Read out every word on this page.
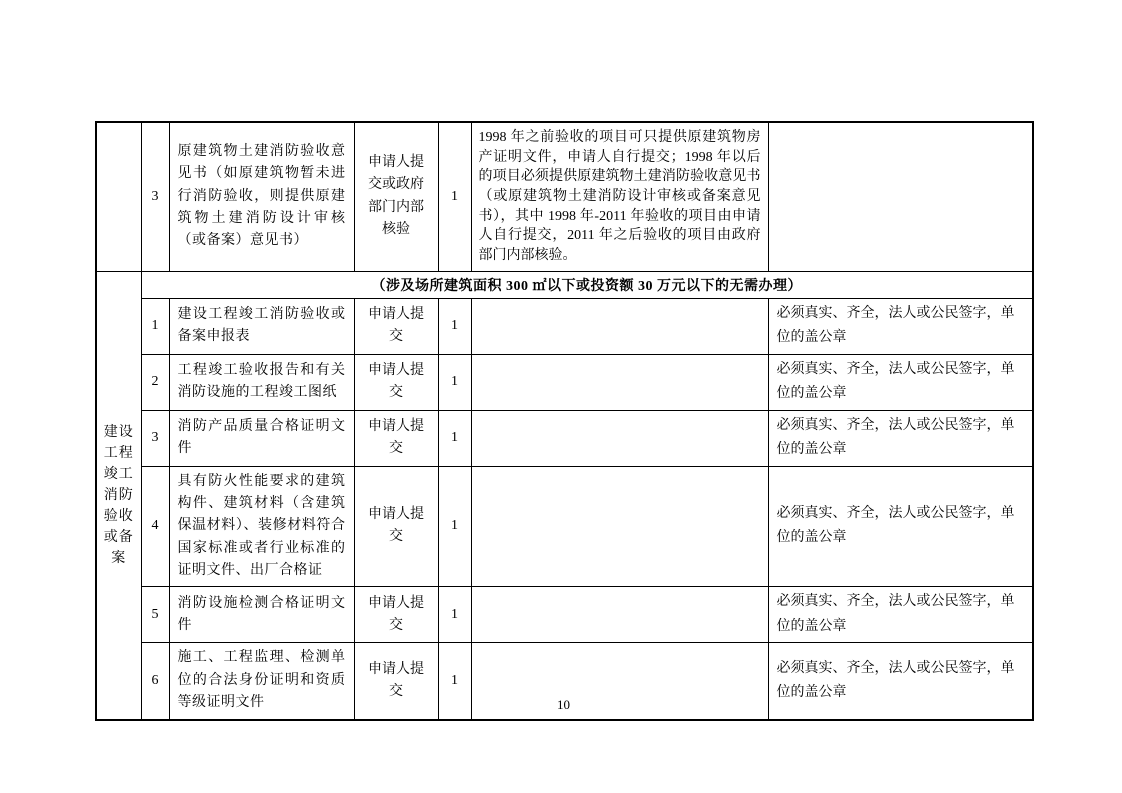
	3	原建筑物土建消防验收意见书（如原建筑物暂未进行消防验收，则提供原建筑物土建消防设计审核（或备案）意见书）	申请人提交或政府部门内部核验	1	1998 年之前验收的项目可只提供原建筑物房产证明文件，申请人自行提交；1998 年以后的项目必须提供原建筑物土建消防验收意见书（或原建筑物土建消防设计审核或备案意见书），其中 1998 年-2011 年验收的项目由申请人自行提交，2011 年之后验收的项目由政府部门内部核验。	
建设工程竣工消防验收或备案	（涉及场所建筑面积 300 ㎡以下或投资额 30 万元以下的无需办理）					
	1	建设工程竣工消防验收或备案申报表	申请人提交	1		必须真实、齐全，法人或公民签字，单位的盖公章
	2	工程竣工验收报告和有关消防设施的工程竣工图纸	申请人提交	1		必须真实、齐全，法人或公民签字，单位的盖公章
	3	消防产品质量合格证明文件	申请人提交	1		必须真实、齐全，法人或公民签字，单位的盖公章
	4	具有防火性能要求的建筑构件、建筑材料（含建筑保温材料）、装修材料符合国家标准或者行业标准的证明文件、出厂合格证	申请人提交	1		必须真实、齐全，法人或公民签字，单位的盖公章
	5	消防设施检测合格证明文件	申请人提交	1		必须真实、齐全，法人或公民签字，单位的盖公章
	6	施工、工程监理、检测单位的合法身份证明和资质等级证明文件	申请人提交	1		必须真实、齐全，法人或公民签字，单位的盖公章
10
